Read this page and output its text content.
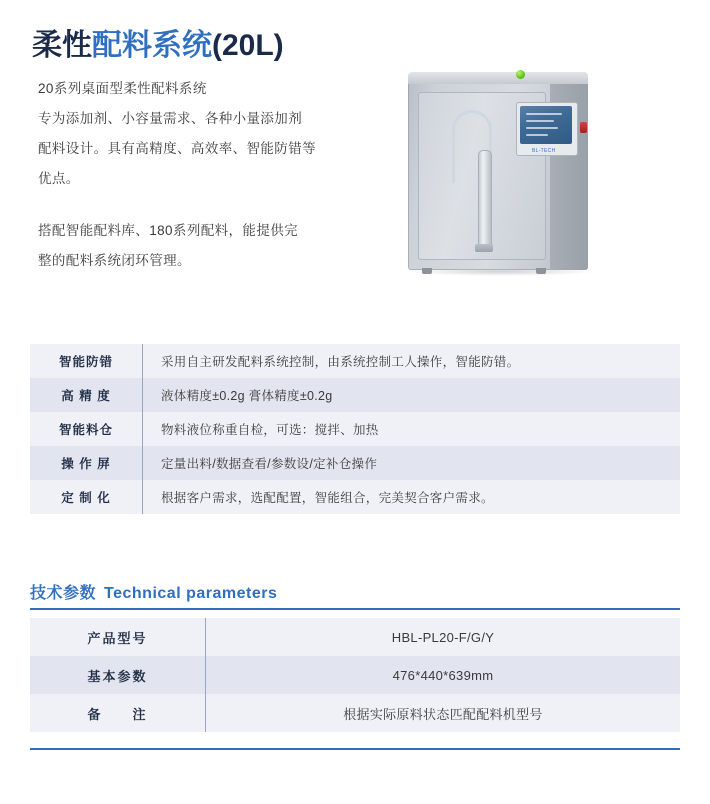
柔性配料系统(20L)

20系列桌面型柔性配料系统

专为添加剂、小容量需求、各种小量添加剂

配料设计。具有高精度、高效率、智能防错等

优点。

搭配智能配料库、180系列配料，能提供完

整的配料系统闭环管理。

BL-TECH
智能防错	采用自主研发配料系统控制，由系统控制工人操作，智能防错。
高 精 度	液体精度±0.2g 膏体精度±0.2g
智能料仓	物料液位称重自检，可选：搅拌、加热
操 作 屏	定量出料/数据查看/参数设/定补仓操作
定 制 化	根据客户需求，选配配置，智能组合，完美契合客户需求。
技术参数 Technical parameters
产品型号	HBL-PL20-F/G/Y
基本参数	476*440*639mm
备　　注	根据实际原料状态匹配配料机型号
